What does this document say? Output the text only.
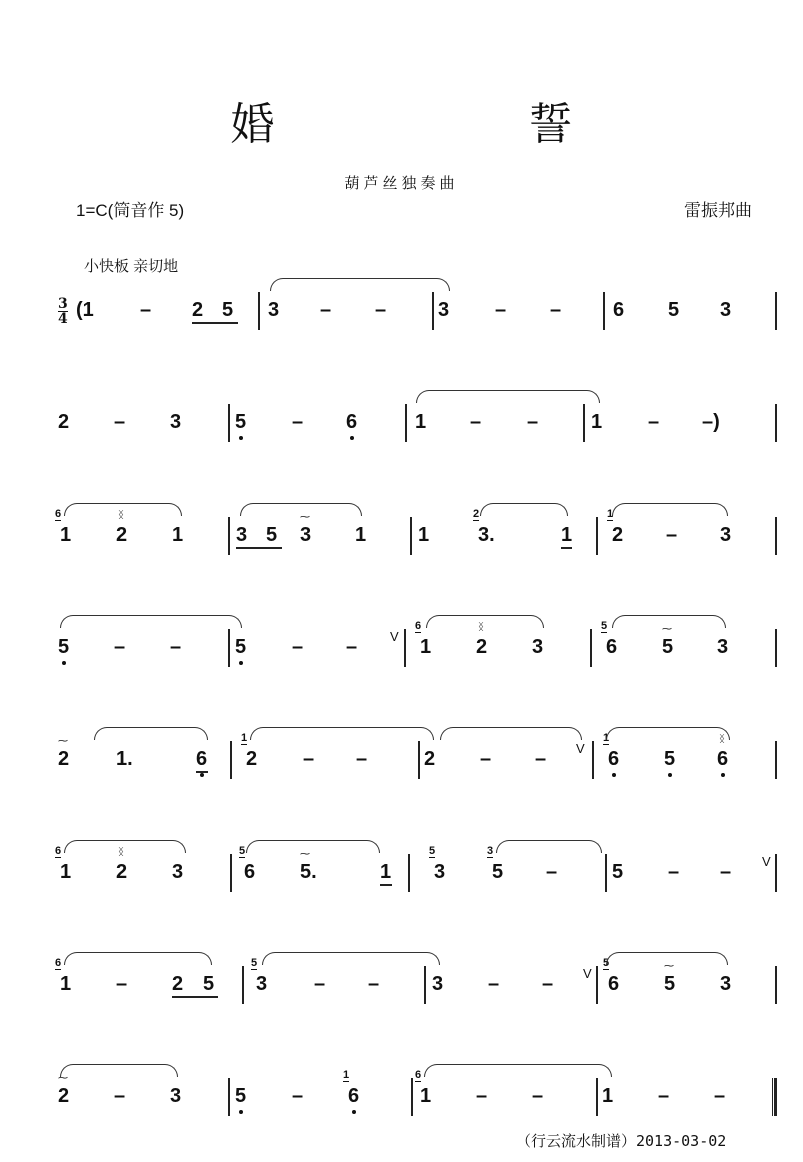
婚 誓
葫芦丝独奏曲
1=C(筒音作 5)	雷振邦曲
小快板 亲切地
3
4 (1 – 2 5 3 – –	3 – –	6 5 3
2 – 3	5 – 6	1 – –	1 – –)
1
6
2
ᛝ
1	3 5 3
⁓
1	1 3.
2
1 2
1
– 3
5 – –	5 – –	1
6
2
ᛝ
3	6
5
5
⁓
3
V
2
⁓
1.	6 2
1
– –	2 – –	6
1
5 6
ᛝ
V
1
6
2
ᛝ
3	6
5
5.
⁓
1 3
5
5
3
–	5 – – V
1
6
– 2 5 3
5
– –	3 – –	6
5
5
⁓
3
V
2
⁓
– 3	5 – 6
1
1
6
– –	1 – –
（行云流水制谱）2013-03-02
